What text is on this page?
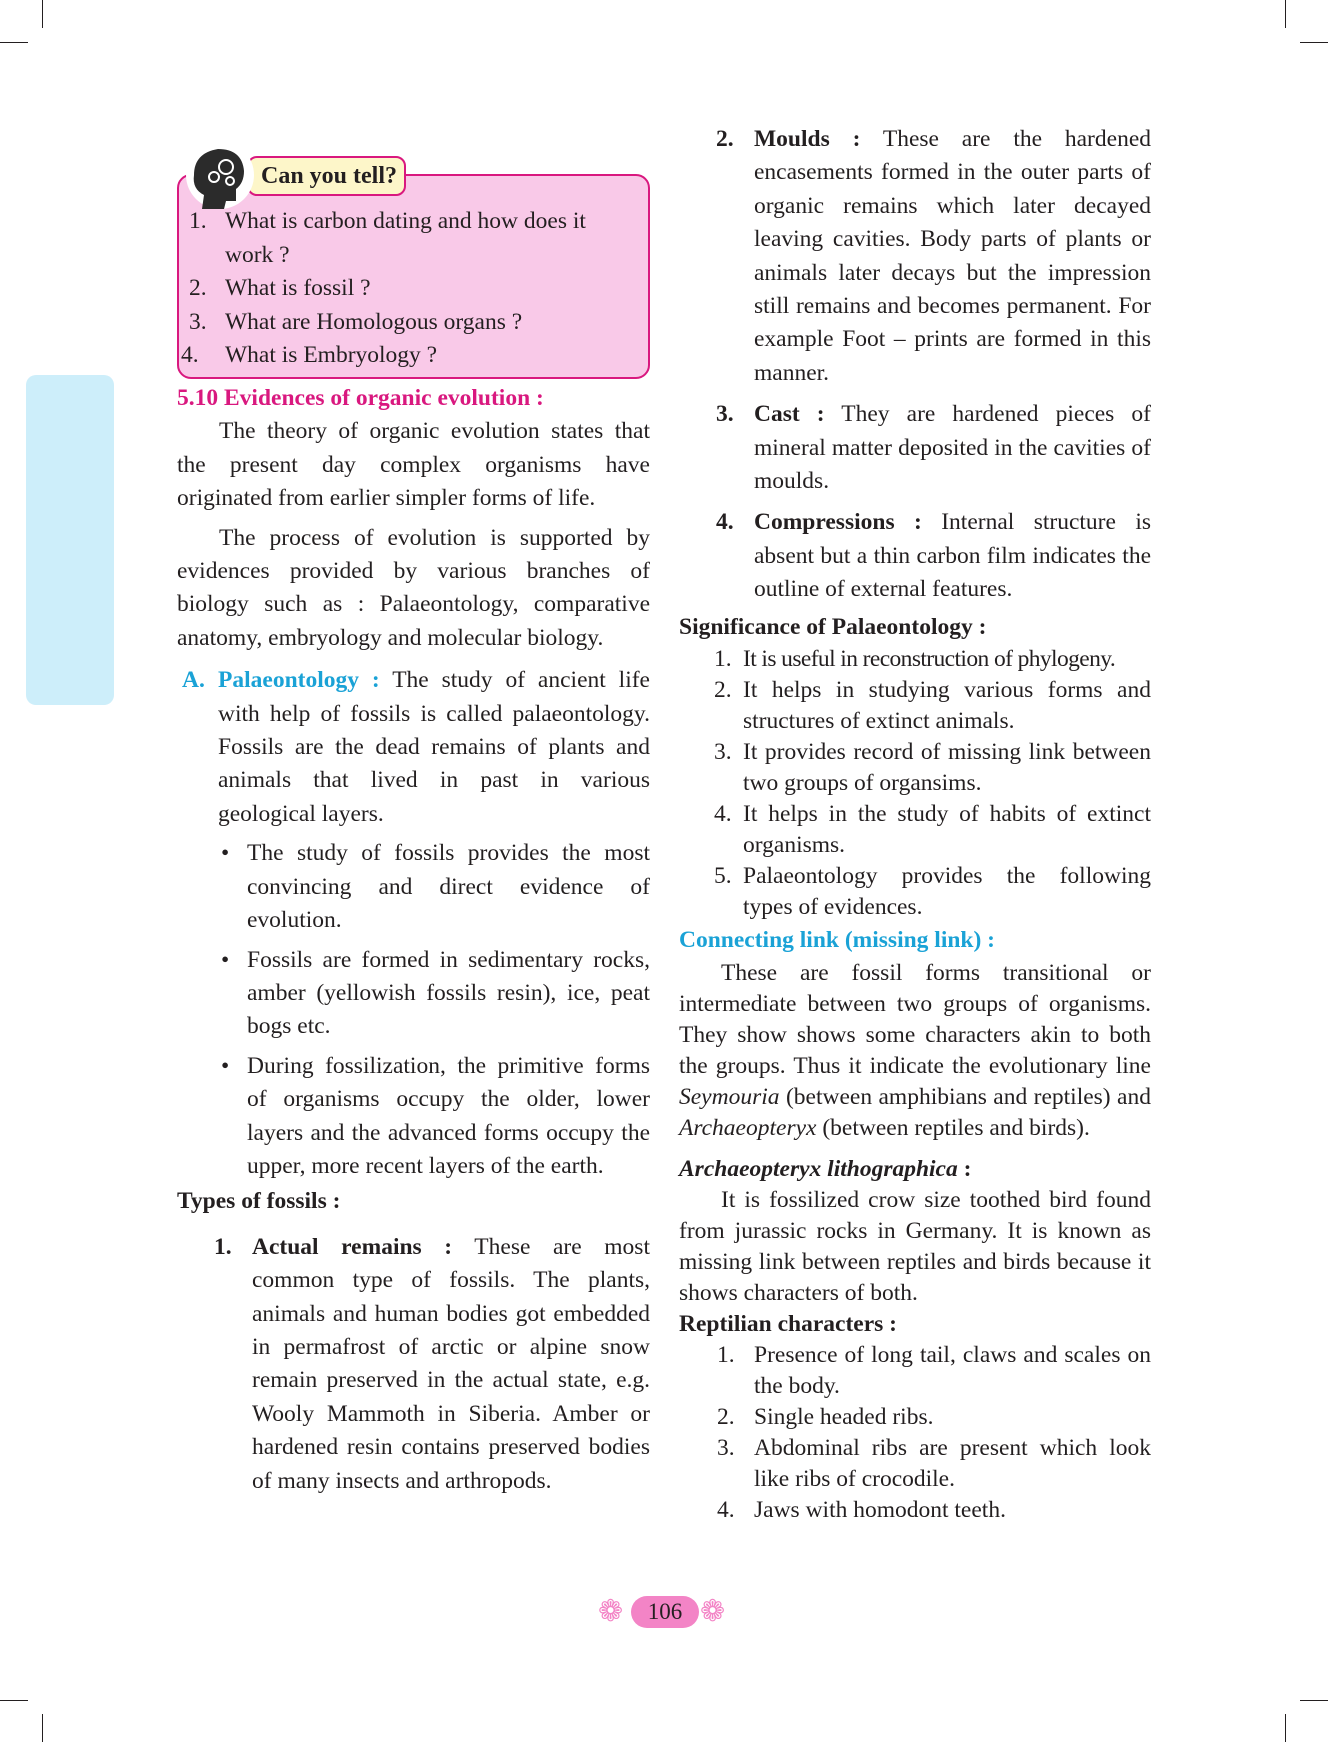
Can you tell?
1. What is carbon dating and how does it work ?
2. What is fossil ?
3. What are Homologous organs ?
4. What is Embryology ?

5.10 Evidences of organic evolution :

The theory of organic evolution states that the present day complex organisms have originated from earlier simpler forms of life.

The process of evolution is supported by evidences provided by various branches of biology such as : Palaeontology, comparative anatomy, embryology and molecular biology.

A. Palaeontology : The study of ancient life with help of fossils is called palaeontology. Fossils are the dead remains of plants and animals that lived in past in various geological layers.
• The study of fossils provides the most convincing and direct evidence of evolution.
• Fossils are formed in sedimentary rocks, amber (yellowish fossils resin), ice, peat bogs etc.
• During fossilization, the primitive forms of organisms occupy the older, lower layers and the advanced forms occupy the upper, more recent layers of the earth.

Types of fossils :

1. Actual remains : These are most common type of fossils. The plants, animals and human bodies got embedded in permafrost of arctic or alpine snow remain preserved in the actual state, e.g. Wooly Mammoth in Siberia. Amber or hardened resin contains preserved bodies of many insects and arthropods.
2. Moulds : These are the hardened encasements formed in the outer parts of organic remains which later decayed leaving cavities. Body parts of plants or animals later decays but the impression still remains and becomes permanent. For example Foot – prints are formed in this manner.
3. Cast : They are hardened pieces of mineral matter deposited in the cavities of moulds.
4. Compressions : Internal structure is absent but a thin carbon film indicates the outline of external features.

Significance of Palaeontology :

1. It is useful in reconstruction of phylogeny.
2. It helps in studying various forms and structures of extinct animals.
3. It provides record of missing link between two groups of organsims.
4. It helps in the study of habits of extinct organisms.
5. Palaeontology provides the following types of evidences.

Connecting link (missing link) :

These are fossil forms transitional or intermediate between two groups of organisms. They show shows some characters akin to both the groups. Thus it indicate the evolutionary line Seymouria (between amphibians and reptiles) and Archaeopteryx (between reptiles and birds).

Archaeopteryx lithographica :

It is fossilized crow size toothed bird found from jurassic rocks in Germany. It is known as missing link between reptiles and birds because it shows characters of both.

Reptilian characters :

1. Presence of long tail, claws and scales on the body.
2. Single headed ribs.
3. Abdominal ribs are present which look like ribs of crocodile.
4. Jaws with homodont teeth.
❁	106 ❁
